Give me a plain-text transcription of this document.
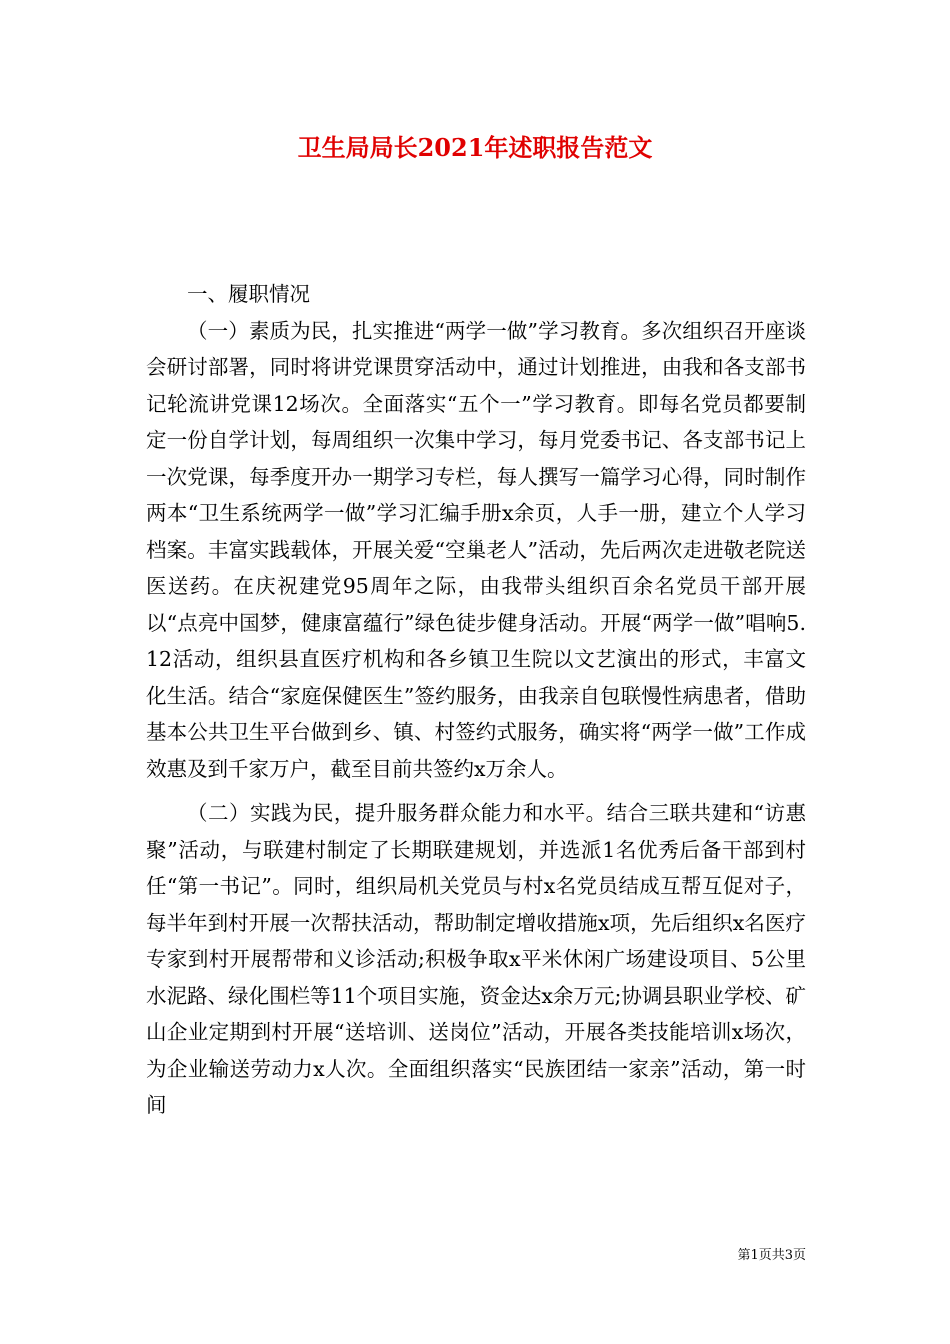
卫生局局长2021年述职报告范文

一、履职情况

（一）素质为民，扎实推进“两学一做”学习教育。多次组织召开座谈会研讨部署，同时将讲党课贯穿活动中，通过计划推进，由我和各支部书记轮流讲党课12场次。全面落实“五个一”学习教育。即每名党员都要制定一份自学计划，每周组织一次集中学习，每月党委书记、各支部书记上一次党课，每季度开办一期学习专栏，每人撰写一篇学习心得，同时制作两本“卫生系统两学一做”学习汇编手册x余页，人手一册，建立个人学习档案。丰富实践载体，开展关爱“空巢老人”活动，先后两次走进敬老院送医送药。在庆祝建党95周年之际，由我带头组织百余名党员干部开展以“点亮中国梦，健康富蕴行”绿色徒步健身活动。开展“两学一做”唱响5.12活动，组织县直医疗机构和各乡镇卫生院以文艺演出的形式，丰富文化生活。结合“家庭保健医生”签约服务，由我亲自包联慢性病患者，借助基本公共卫生平台做到乡、镇、村签约式服务，确实将“两学一做”工作成效惠及到千家万户，截至目前共签约x万余人。

（二）实践为民，提升服务群众能力和水平。结合三联共建和“访惠聚”活动，与联建村制定了长期联建规划，并选派1名优秀后备干部到村任“第一书记”。同时，组织局机关党员与村x名党员结成互帮互促对子，每半年到村开展一次帮扶活动，帮助制定增收措施x项，先后组织x名医疗专家到村开展帮带和义诊活动;积极争取x平米休闲广场建设项目、5公里水泥路、绿化围栏等11个项目实施，资金达x余万元;协调县职业学校、矿山企业定期到村开展“送培训、送岗位”活动，开展各类技能培训x场次，为企业输送劳动力x人次。全面组织落实“民族团结一家亲”活动，第一时间

第1页共3页
